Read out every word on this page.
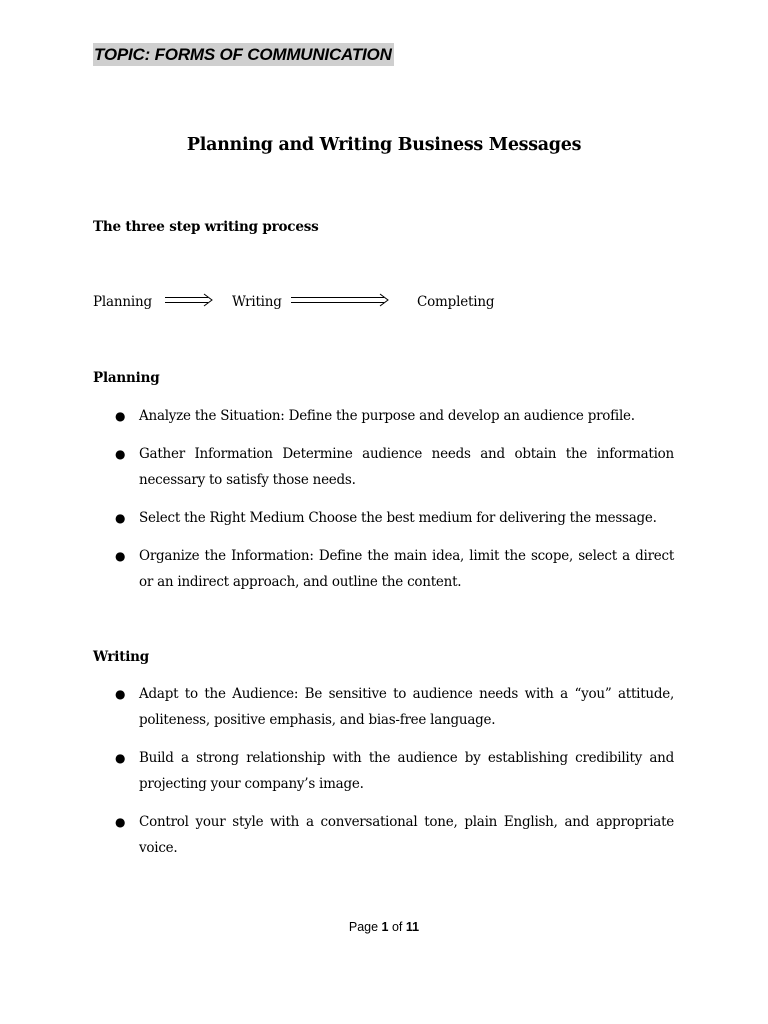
TOPIC: FORMS OF COMMUNICATION
Planning and Writing Business Messages
The three step writing process
Planning	Writing	Completing
Planning
● Analyze the Situation: Define the purpose and develop an audience profile.
● Gather Information Determine audience needs and obtain the information necessary to satisfy those needs.
● Select the Right Medium Choose the best medium for delivering the message.
● Organize the Information: Define the main idea, limit the scope, select a direct or an indirect approach, and outline the content.
Writing
● Adapt to the Audience: Be sensitive to audience needs with a “you” attitude, politeness, positive emphasis, and bias-free language.
● Build a strong relationship with the audience by establishing credibility and projecting your company’s image.
● Control your style with a conversational tone, plain English, and appropriate voice.
Page 1 of 11
